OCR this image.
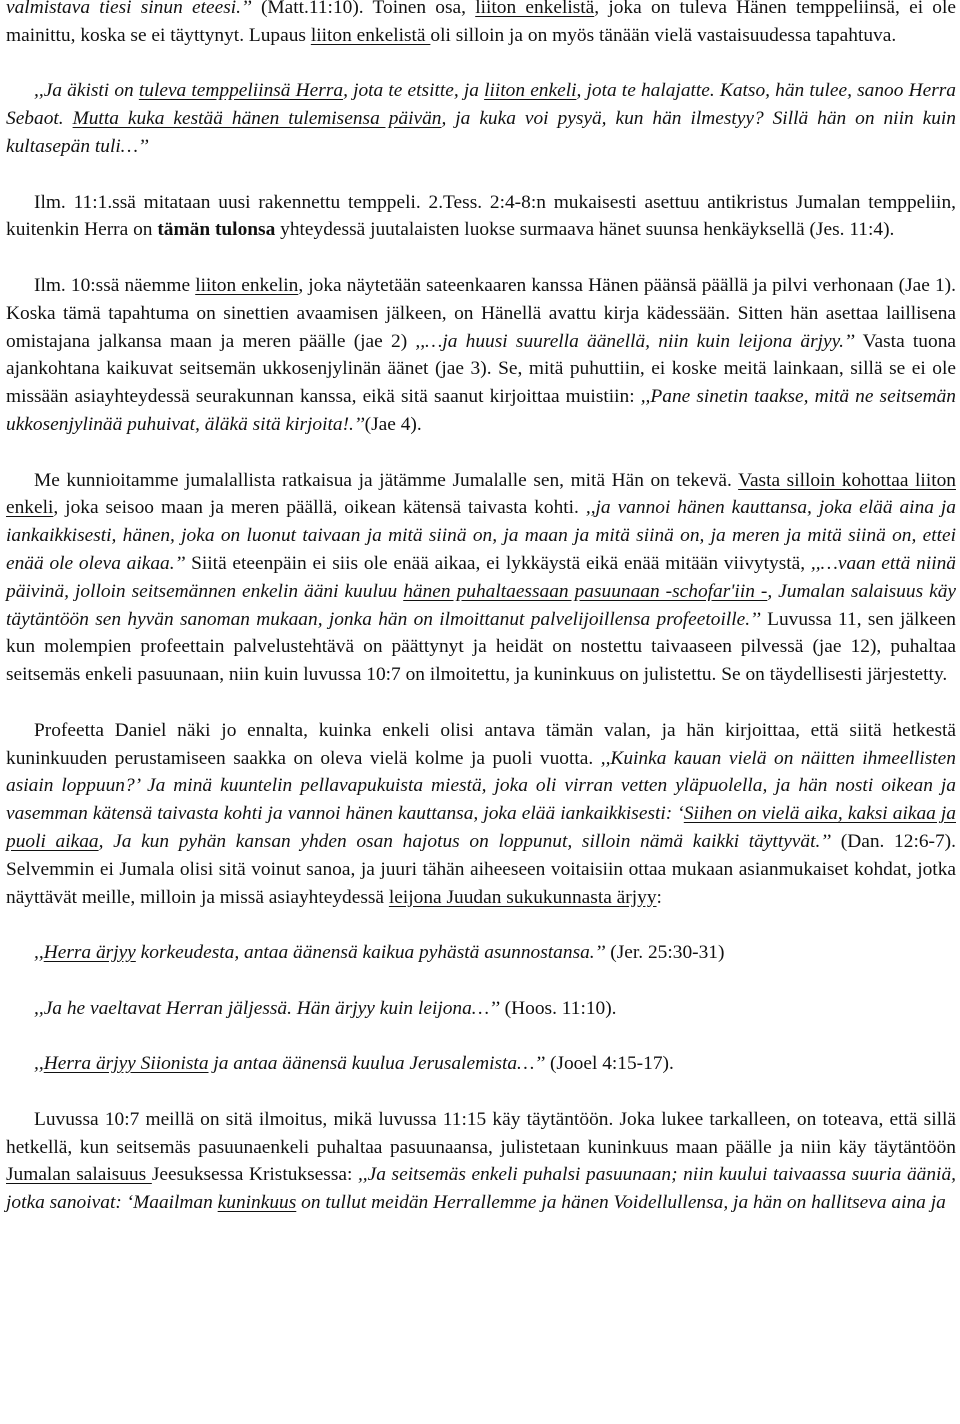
valmistava tiesi sinun eteesi.’’ (Matt.11:10). Toinen osa, liiton enkelistä, joka on tuleva Hänen temppeliinsä, ei ole mainittu, koska se ei täyttynyt. Lupaus liiton enkelistä oli silloin ja on myös tänään vielä vastaisuudessa tapahtuva.

,,Ja äkisti on tuleva temppeliinsä Herra, jota te etsitte, ja liiton enkeli, jota te halajatte. Katso, hän tulee, sanoo Herra Sebaot. Mutta kuka kestää hänen tulemisensa päivän, ja kuka voi pysyä, kun hän ilmestyy? Sillä hän on niin kuin kultasepän tuli…’’

Ilm. 11:1.ssä mitataan uusi rakennettu temppeli. 2.Tess. 2:4-8:n mukaisesti asettuu antikristus Jumalan temppeliin, kuitenkin Herra on tämän tulonsa yhteydessä juutalaisten luokse surmaava hänet suunsa henkäyksellä (Jes. 11:4).

Ilm. 10:ssä näemme liiton enkelin, joka näytetään sateenkaaren kanssa Hänen päänsä päällä ja pilvi verhonaan (Jae 1). Koska tämä tapahtuma on sinettien avaamisen jälkeen, on Hänellä avattu kirja kädessään. Sitten hän asettaa laillisena omistajana jalkansa maan ja meren päälle (jae 2) ,,…ja huusi suurella äänellä, niin kuin leijona ärjyy.’’ Vasta tuona ajankohtana kaikuvat seitsemän ukkosenjylinän äänet (jae 3). Se, mitä puhuttiin, ei koske meitä lainkaan, sillä se ei ole missään asiayhteydessä seurakunnan kanssa, eikä sitä saanut kirjoittaa muistiin: ,,Pane sinetin taakse, mitä ne seitsemän ukkosenjylinää puhuivat, äläkä sitä kirjoita!.’’(Jae 4).

Me kunnioitamme jumalallista ratkaisua ja jätämme Jumalalle sen, mitä Hän on tekevä. Vasta silloin kohottaa liiton enkeli, joka seisoo maan ja meren päällä, oikean kätensä taivasta kohti. ,,ja vannoi hänen kauttansa, joka elää aina ja iankaikkisesti, hänen, joka on luonut taivaan ja mitä siinä on, ja maan ja mitä siinä on, ja meren ja mitä siinä on, ettei enää ole oleva aikaa.’’ Siitä eteenpäin ei siis ole enää aikaa, ei lykkäystä eikä enää mitään viivytystä, ,,…vaan että niinä päivinä, jolloin seitsemännen enkelin ääni kuuluu hänen puhaltaessaan pasuunaan -schofar'iin -, Jumalan salaisuus käy täytäntöön sen hyvän sanoman mukaan, jonka hän on ilmoittanut palvelijoillensa profeetoille.’’ Luvussa 11, sen jälkeen kun molempien profeettain palvelustehtävä on päättynyt ja heidät on nostettu taivaaseen pilvessä (jae 12), puhaltaa seitsemäs enkeli pasuunaan, niin kuin luvussa 10:7 on ilmoitettu, ja kuninkuus on julistettu. Se on täydellisesti järjestetty.

Profeetta Daniel näki jo ennalta, kuinka enkeli olisi antava tämän valan, ja hän kirjoittaa, että siitä hetkestä kuninkuuden perustamiseen saakka on oleva vielä kolme ja puoli vuotta. ,,Kuinka kauan vielä on näitten ihmeellisten asiain loppuun?’ Ja minä kuuntelin pellavapukuista miestä, joka oli virran vetten yläpuolella, ja hän nosti oikean ja vasemman kätensä taivasta kohti ja vannoi hänen kauttansa, joka elää iankaikkisesti: ‘Siihen on vielä aika, kaksi aikaa ja puoli aikaa, Ja kun pyhän kansan yhden osan hajotus on loppunut, silloin nämä kaikki täyttyvät.’’ (Dan. 12:6-7). Selvemmin ei Jumala olisi sitä voinut sanoa, ja juuri tähän aiheeseen voitaisiin ottaa mukaan asianmukaiset kohdat, jotka näyttävät meille, milloin ja missä asiayhteydessä leijona Juudan sukukunnasta ärjyy:

,,Herra ärjyy korkeudesta, antaa äänensä kaikua pyhästä asunnostansa.’’ (Jer. 25:30-31)

,,Ja he vaeltavat Herran jäljessä. Hän ärjyy kuin leijona…’’ (Hoos. 11:10).

,,Herra ärjyy Siionista ja antaa äänensä kuulua Jerusalemista…’’ (Jooel 4:15-17).

Luvussa 10:7 meillä on sitä ilmoitus, mikä luvussa 11:15 käy täytäntöön. Joka lukee tarkalleen, on toteava, että sillä hetkellä, kun seitsemäs pasuunaenkeli puhaltaa pasuunaansa, julistetaan kuninkuus maan päälle ja niin käy täytäntöön Jumalan salaisuus Jeesuksessa Kristuksessa: ,,Ja seitsemäs enkeli puhalsi pasuunaan; niin kuului taivaassa suuria ääniä, jotka sanoivat: ‘Maailman kuninkuus on tullut meidän Herrallemme ja hänen Voidellullensa, ja hän on hallitseva aina ja
